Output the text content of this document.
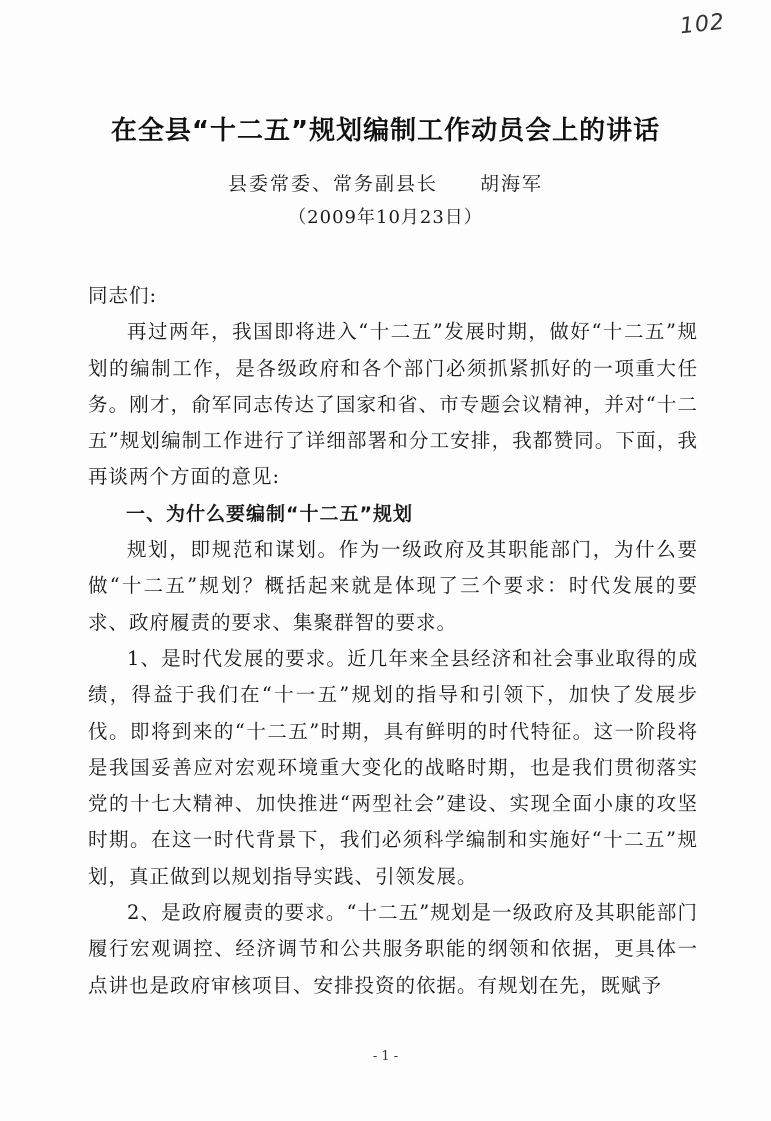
102
在全县“十二五”规划编制工作动员会上的讲话
县委常委、常务副县长　　胡海军
（2009年10月23日）

同志们:

再过两年，我国即将进入“十二五”发展时期，做好“十二五”规划的编制工作，是各级政府和各个部门必须抓紧抓好的一项重大任务。刚才，俞军同志传达了国家和省、市专题会议精神，并对“十二五”规划编制工作进行了详细部署和分工安排，我都赞同。下面，我再谈两个方面的意见:

一、为什么要编制“十二五”规划

规划，即规范和谋划。作为一级政府及其职能部门，为什么要做“十二五”规划？概括起来就是体现了三个要求：时代发展的要求、政府履责的要求、集聚群智的要求。

1、是时代发展的要求。近几年来全县经济和社会事业取得的成绩，得益于我们在“十一五”规划的指导和引领下，加快了发展步伐。即将到来的“十二五”时期，具有鲜明的时代特征。这一阶段将是我国妥善应对宏观环境重大变化的战略时期，也是我们贯彻落实党的十七大精神、加快推进“两型社会”建设、实现全面小康的攻坚时期。在这一时代背景下，我们必须科学编制和实施好“十二五”规划，真正做到以规划指导实践、引领发展。

2、是政府履责的要求。“十二五”规划是一级政府及其职能部门履行宏观调控、经济调节和公共服务职能的纲领和依据，更具体一点讲也是政府审核项目、安排投资的依据。有规划在先，既赋予

- 1 -
